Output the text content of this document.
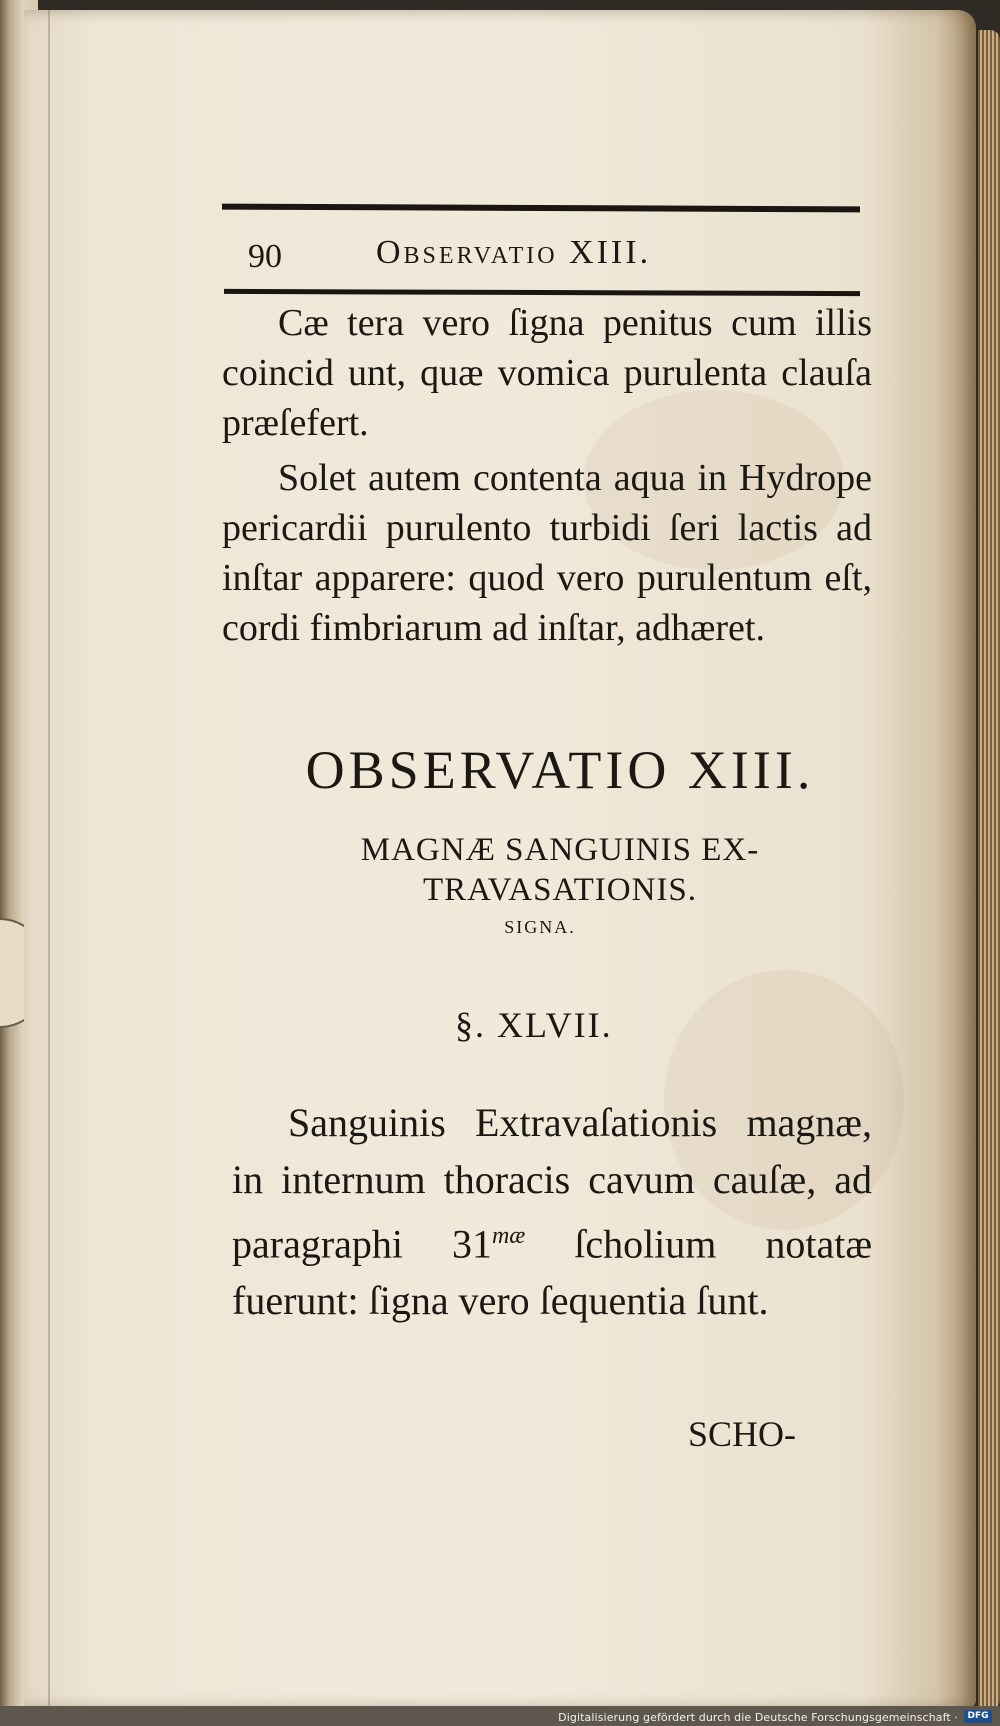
90	Observatio XIII.

Cæ tera vero ſigna penitus cum illis coincid unt, quæ vomica purulenta clauſa præſefert.

Solet autem contenta aqua in Hydrope pericardii purulento turbidi ſeri lactis ad inſtar apparere: quod vero purulentum eſt, cordi fimbriarum ad inſtar, adhæret.

OBSERVATIO XIII.
MAGNÆ SANGUINIS EX-
TRAVASATIONIS.
SIGNA.
§. XLVII.

Sanguinis Extravaſationis magnæ, in internum thoracis cavum cauſæ, ad paragraphi $31^{mæ}$ ſcholium notatæ fuerunt: ſigna vero ſequentia ſunt.

SCHO-
Digitalisierung gefördert durch die Deutsche Forschungsgemeinschaft ·	DFG
